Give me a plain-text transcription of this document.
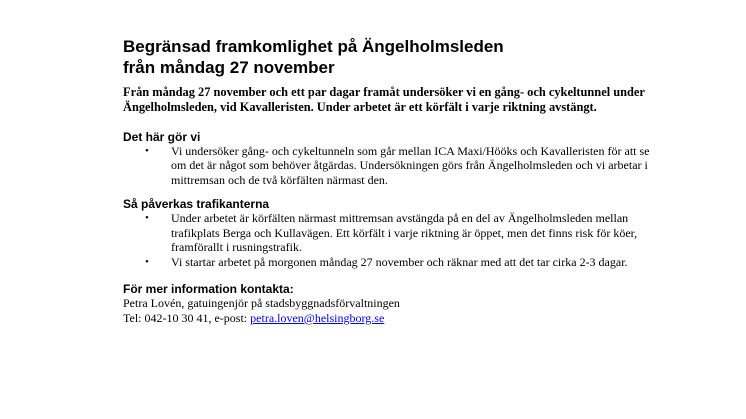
Begränsad framkomlighet på Ängelholmsleden
från måndag 27 november

Från måndag 27 november och ett par dagar framåt undersöker vi en gång- och cykeltunnel under Ängelholmsleden, vid Kavalleristen. Under arbetet är ett körfält i varje riktning avstängt.

Det här gör vi
• Vi undersöker gång- och cykeltunneln som går mellan ICA Maxi/Hööks och Kavalleristen för att se om det är något som behöver åtgärdas. Undersökningen görs från Ängelholmsleden och vi arbetar i mittremsan och de två körfälten närmast den.
Så påverkas trafikanterna
• Under arbetet är körfälten närmast mittremsan avstängda på en del av Ängelholmsleden mellan trafikplats Berga och Kullavägen. Ett körfält i varje riktning är öppet, men det finns risk för köer, framförallt i rusningstrafik.
• Vi startar arbetet på morgonen måndag 27 november och räknar med att det tar cirka 2-3 dagar.
För mer information kontakta:

Petra Lovén, gatuingenjör på stadsbyggnadsförvaltningen
Tel: 042-10 30 41, e-post: petra.loven@helsingborg.se
